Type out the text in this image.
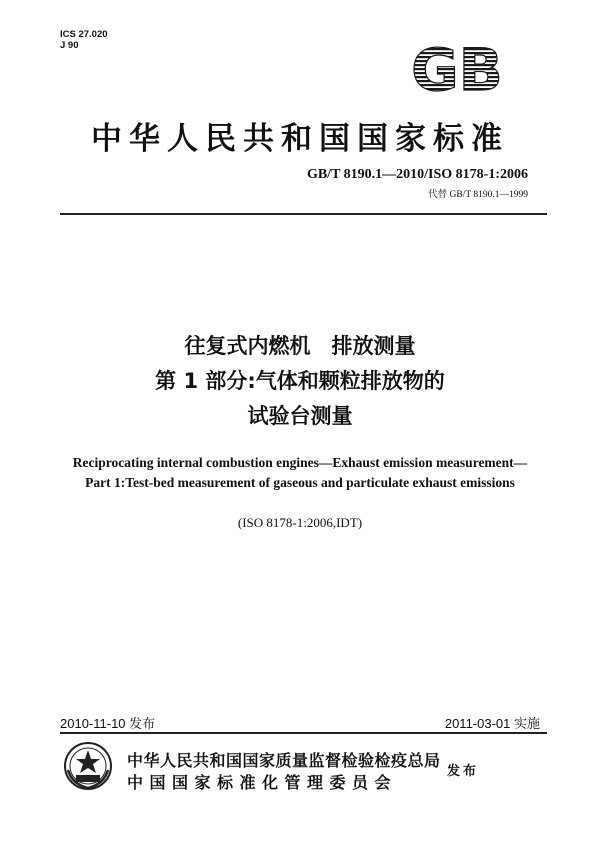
ICS 27.020
J 90	GB
中华人民共和国国家标准
GB/T 8190.1—2010/ISO 8178-1:2006
代替 GB/T 8190.1—1999
往复式内燃机　排放测量
第 1 部分:气体和颗粒排放物的
试验台测量
Reciprocating internal combustion engines—Exhaust emission measurement—
Part 1:Test-bed measurement of gaseous and particulate exhaust emissions
(ISO 8178-1:2006,IDT)
2010-11-10 发布	2011-03-01 实施
中华人民共和国国家质量监督检验检疫总局
中国国家标准化管理委员会
发布
